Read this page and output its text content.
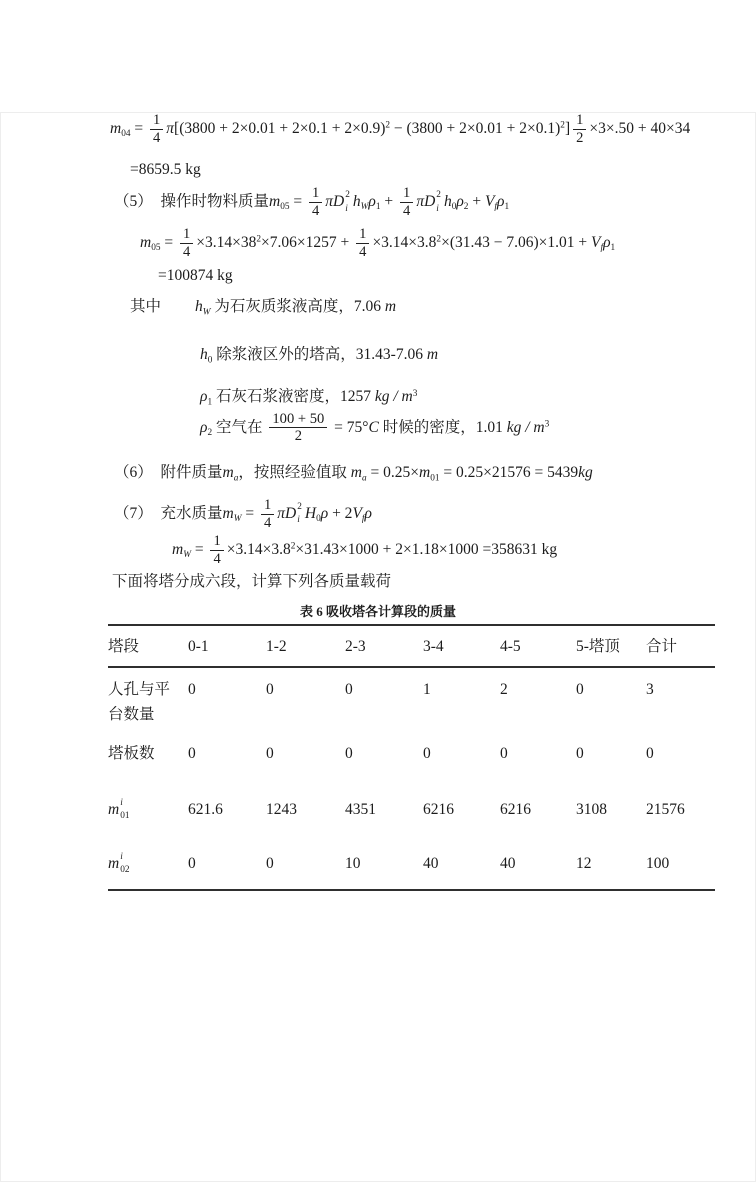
$m_{04} = \frac{1}{4} \pi[(3800 + 2\times 0.01 + 2\times 0.1 + 2\times 0.9)^2 - (3800 + 2\times 0.01 + 2\times 0.1)^2] \frac{1}{2} \times 3\times.50 + 40\times 34$
=8659.5 kg
（5）　操作时物料质量$m_{05} = \frac{1}{4}$ πD 2
i $h_W\rho_1 + \frac{1}{4}$ πD 2
i $h_0\rho_2 + V_f\rho_1$
$m_{05} = \frac{1}{4} \times 3.14\times 38^2\times 7.06\times 1257 + \frac{1}{4} \times 3.14\times 3.8^2\times(31.43 - 7.06)\times 1.01 + V_f\rho_1$
=100874 kg
其中 $h_W$ 为石灰质浆液高度，7.06 m
$h_0$ 除浆液区外的塔高，31.43-7.06 m
$\rho_1$ 石灰石浆液密度，1257 kg / $m^3$
$\rho_2$ 空气在 $\frac{100 + 50}{2} = 75^\circ C$ 时候的密度，1.01 kg / $m^3$
（6）　附件质量$m_a$，按照经验值取 $m_a = 0.25\times m_{01} = 0.25\times 21576 = 5439kg$
（7）　充水质量$m_W = \frac{1}{4}$ πD 2
i $H_0\rho + 2V_f\rho$
$m_W = \frac{1}{4} \times 3.14\times 3.8^2\times 31.43\times 1000 + 2\times 1.18\times 1000 =358631$ kg
下面将塔分成六段，计算下列各质量载荷
表 6 吸收塔各计算段的质量
塔段	0-1	1-2	2-3	3-4	4-5	5-塔顶	合计
人孔与平台数量	0	0	0	1	2	0	3
塔板数	0	0	0	0	0	0	0
m i
01	621.6	1243	4351	6216	6216	3108	21576
m i
02	0	0	10	40	40	12	100
